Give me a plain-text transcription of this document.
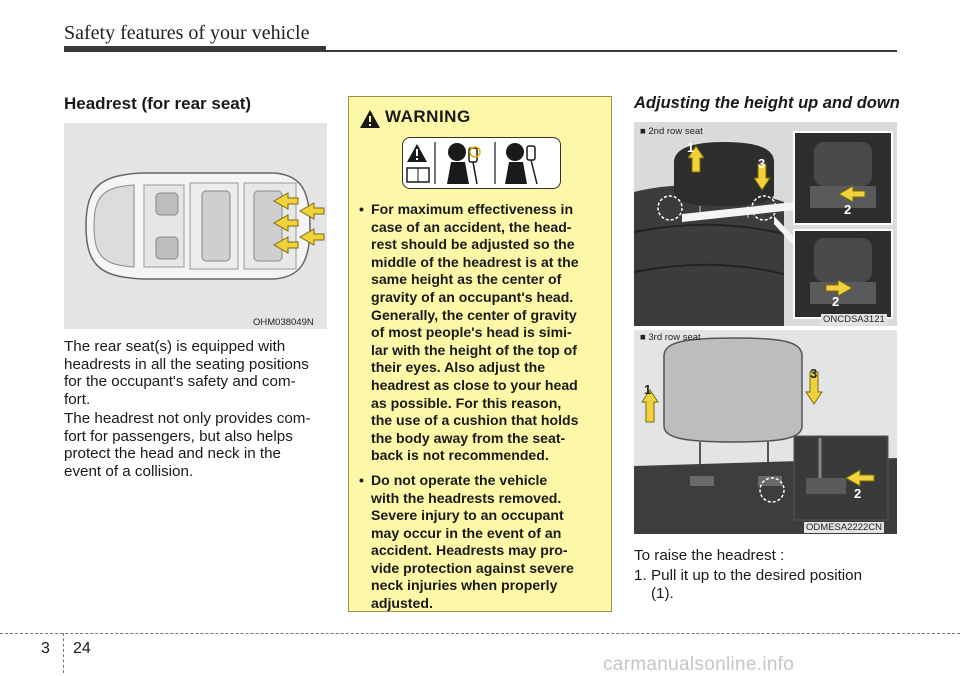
Safety features of your vehicle
Headrest (for rear seat)
OHM038049N
The rear seat(s) is equipped with
headrests in all the seating positions
for the occupant's safety and com-
fort.
The headrest not only provides com-
fort for passengers, but also helps
protect the head and neck in the
event of a collision.
WARNING
• For maximum effectiveness in
case of an accident, the head-
rest should be adjusted so the
middle of the headrest is at the
same height as the center of
gravity of an occupant's head.
Generally, the center of gravity
of most people's head is simi-
lar with the height of the top of
their eyes. Also adjust the
headrest as close to your head
as possible. For this reason,
the use of a cushion that holds
the body away from the seat-
back is not recommended.
• Do not operate the vehicle
with the headrests removed.
Severe injury to an occupant
may occur in the event of an
accident. Headrests may pro-
vide protection against severe
neck injuries when properly
adjusted.
Adjusting the height up and down
■ 2nd row seat
1
3
2
2
ONCDSA3121
■ 3rd row seat
1
3
2
ODMESA2222CN
To raise the headrest :
1. Pull it up to the desired position
(1).
3 24
carmanualsonline.info
